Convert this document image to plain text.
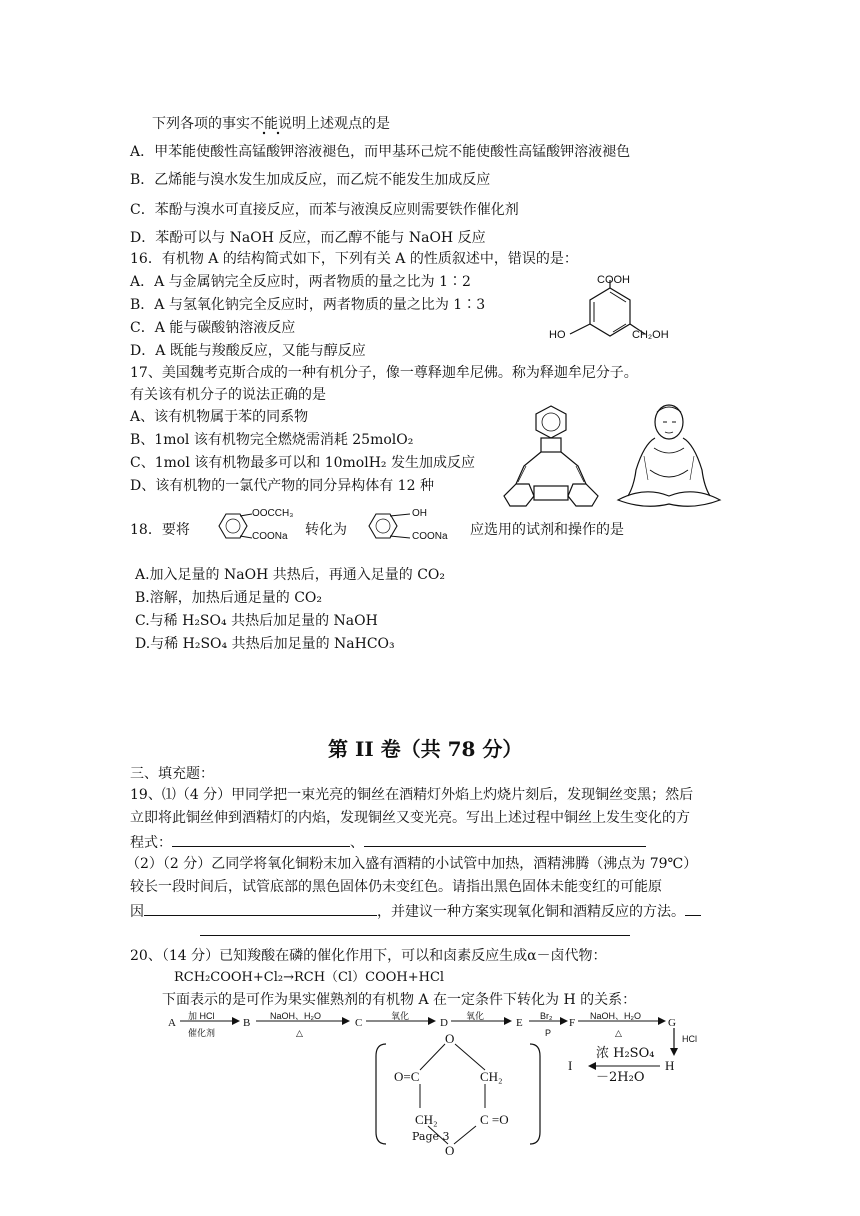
下列各项的事实不能说明上述观点的是
A．甲苯能使酸性高锰酸钾溶液褪色，而甲基环己烷不能使酸性高锰酸钾溶液褪色
B．乙烯能与溴水发生加成反应，而乙烷不能发生加成反应
C．苯酚与溴水可直接反应，而苯与液溴反应则需要铁作催化剂
D．苯酚可以与 NaOH 反应，而乙醇不能与 NaOH 反应
16．有机物 A 的结构简式如下，下列有关 A 的性质叙述中，错误的是：
A．A 与金属钠完全反应时，两者物质的量之比为 1∶2
B．A 与氢氧化钠完全反应时，两者物质的量之比为 1∶3
C．A 能与碳酸钠溶液反应
D．A 既能与羧酸反应，又能与醇反应
COOH
HO	CH₂OH
17、美国魏考克斯合成的一种有机分子，像一尊释迦牟尼佛。称为释迦牟尼分子。
有关该有机分子的说法正确的是
A、该有机物属于苯的同系物
B、1mol 该有机物完全燃烧需消耗 25molO₂
C、1mol 该有机物最多可以和 10molH₂ 发生加成反应
D、该有机物的一氯代产物的同分异构体有 12 种
18．要将
OOCCH₃
COONa 转化为
OH
COONa 应选用的试剂和操作的是
A.加入足量的 NaOH 共热后，再通入足量的 CO₂
B.溶解，加热后通足量的 CO₂
C.与稀 H₂SO₄ 共热后加足量的 NaOH
D.与稀 H₂SO₄ 共热后加足量的 NaHCO₃
第 II 卷（共 78 分）
三、填充题：
19、⑴（4 分）甲同学把一束光亮的铜丝在酒精灯外焰上灼烧片刻后，发现铜丝变黑；然后
立即将此铜丝伸到酒精灯的内焰，发现铜丝又变光亮。写出上述过程中铜丝上发生变化的方
程式：	、
（2）（2 分）乙同学将氧化铜粉末加入盛有酒精的小试管中加热，酒精沸腾（沸点为 79℃）
较长一段时间后，试管底部的黑色固体仍未变红色。请指出黑色固体未能变红的可能原
因	，并建议一种方案实现氧化铜和酒精反应的方法。
20、（14 分）已知羧酸在磷的催化作用下，可以和卤素反应生成α－卤代物：
RCH₂COOH+Cl₂→RCH（Cl）COOH+HCl
下面表示的是可作为果实催熟剂的有机物 A 在一定条件下转化为 H 的关系：
A	B	C	D	E	F	G
加 HCl
催化剂
NaOH、H₂O
△
氧化	氧化	Br₂
P
NaOH、H₂O
△
HCl
H
I
浓 H₂SO₄
－2H₂O
O
O=C	CH₂
CH₂	C =O
O
Page 3
